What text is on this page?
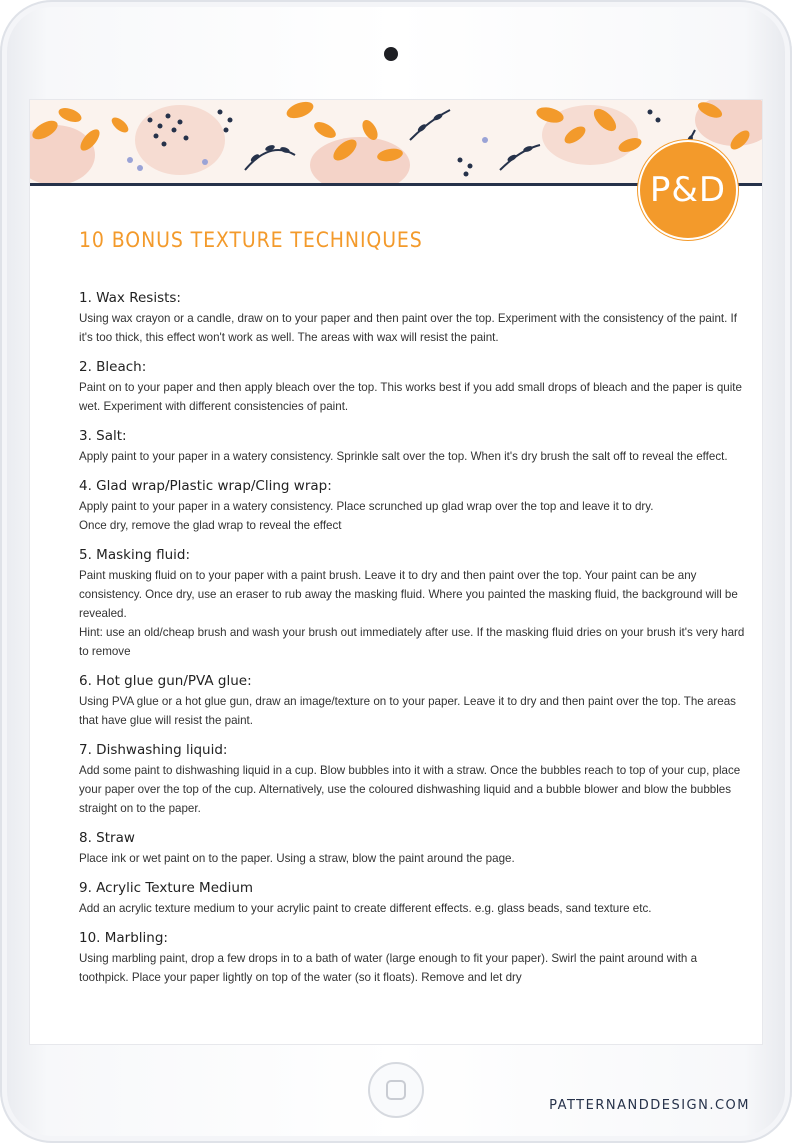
P&D
10 BONUS TEXTURE TECHNIQUES
1. Wax Resists:
Using wax crayon or a candle, draw on to your paper and then paint over the top. Experiment with the consistency of the paint. If it's too thick, this effect won't work as well. The areas with wax will resist the paint.
2. Bleach:
Paint on to your paper and then apply bleach over the top. This works best if you add small drops of bleach and the paper is quite wet. Experiment with different consistencies of paint.
3. Salt:
Apply paint to your paper in a watery consistency. Sprinkle salt over the top. When it's dry brush the salt off to reveal the effect.
4. Glad wrap/Plastic wrap/Cling wrap:
Apply paint to your paper in a watery consistency. Place scrunched up glad wrap over the top and leave it to dry.
Once dry, remove the glad wrap to reveal the effect
5. Masking fluid:
Paint musking fluid on to your paper with a paint brush. Leave it to dry and then paint over the top. Your paint can be any consistency. Once dry, use an eraser to rub away the masking fluid. Where you painted the masking fluid, the background will be revealed.
Hint: use an old/cheap brush and wash your brush out immediately after use. If the masking fluid dries on your brush it's very hard to remove
6. Hot glue gun/PVA glue:
Using PVA glue or a hot glue gun, draw an image/texture on to your paper. Leave it to dry and then paint over the top. The areas that have glue will resist the paint.
7. Dishwashing liquid:
Add some paint to dishwashing liquid in a cup. Blow bubbles into it with a straw. Once the bubbles reach to top of your cup, place your paper over the top of the cup. Alternatively, use the coloured dishwashing liquid and a bubble blower and blow the bubbles straight on to the paper.
8. Straw
Place ink or wet paint on to the paper. Using a straw, blow the paint around the page.
9. Acrylic Texture Medium
Add an acrylic texture medium to your acrylic paint to create different effects. e.g. glass beads, sand texture etc.
10. Marbling:
Using marbling paint, drop a few drops in to a bath of water (large enough to fit your paper). Swirl the paint around with a toothpick. Place your paper lightly on top of the water (so it floats). Remove and let dry
PATTERNANDDESIGN.COM
